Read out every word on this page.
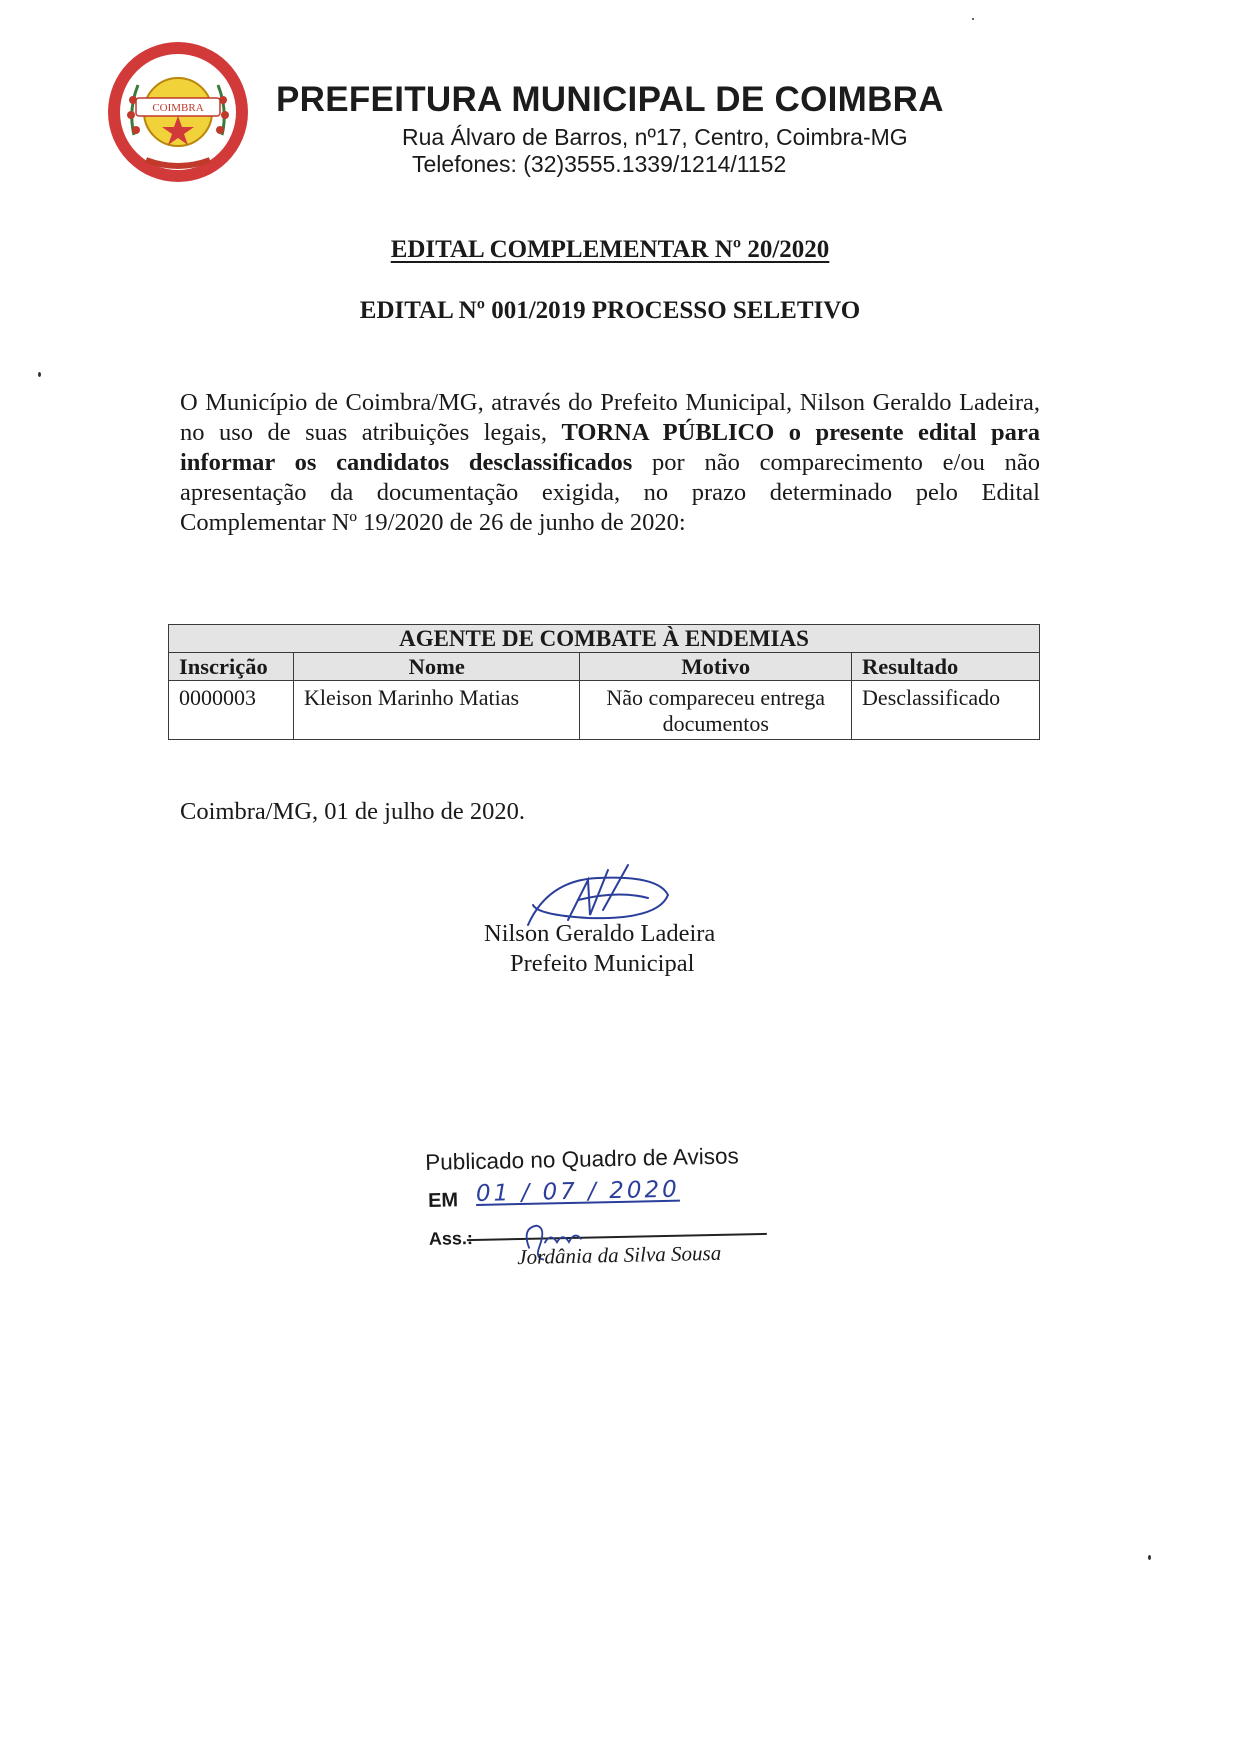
COIMBRA PREFEITURA MUNICIPAL DE COIMBRA
Rua Álvaro de Barros, nº17, Centro, Coimbra-MG
Telefones: (32)3555.1339/1214/1152
EDITAL COMPLEMENTAR Nº 20/2020
EDITAL Nº 001/2019 PROCESSO SELETIVO
O Município de Coimbra/MG, através do Prefeito Municipal, Nilson Geraldo Ladeira, no uso de suas atribuições legais, TORNA PÚBLICO o presente edital para informar os candidatos desclassificados por não comparecimento e/ou não apresentação da documentação exigida, no prazo determinado pelo Edital Complementar Nº 19/2020 de 26 de junho de 2020:
AGENTE DE COMBATE À ENDEMIAS			
Inscrição	Nome	Motivo	Resultado
0000003	Kleison Marinho Matias	Não compareceu entrega documentos	Desclassificado
Coimbra/MG, 01 de julho de 2020.
Nilson Geraldo Ladeira
Prefeito Municipal
Publicado no Quadro de Avisos
EM 01 / 07 / 2020
Ass.:
Jordânia da Silva Sousa
